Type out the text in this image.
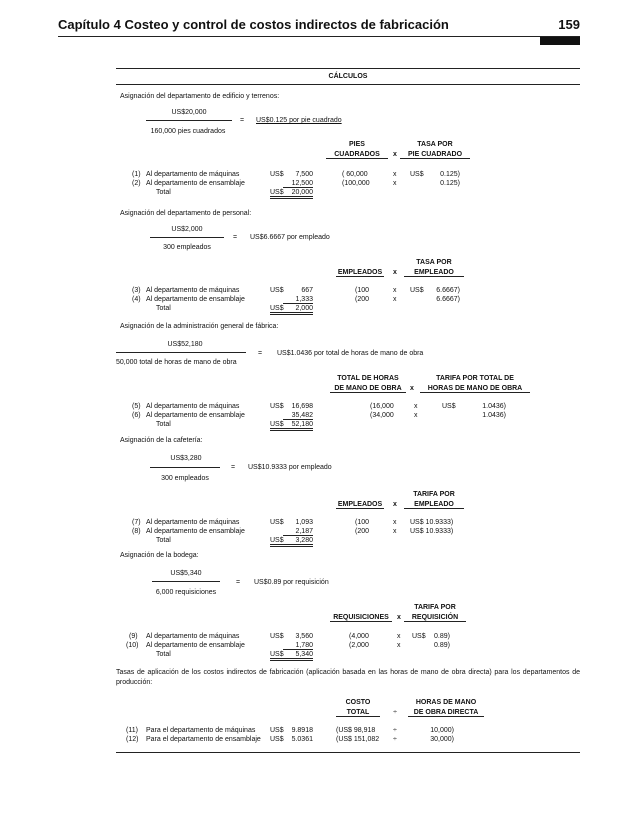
Capítulo 4 Costeo y control de costos indirectos de fabricación	159
CÁLCULOS
Asignación del departamento de edificio y terrenos:
US$20,000
160,000 pies cuadrados
= US$0.125 por pie cuadrado
PIES
CUADRADOS	x
TASA POR
PIE CUADRADO
(1) Al departamento de máquinas	US$	7,500	( 60,000	x US$	0.125)
(2) Al departamento de ensamblaje	12,500	(100,000	x	0.125)
Total	US$	20,000
Asignación del departamento de personal:
US$2,000
300 empleados
= US$6.6667 por empleado
TASA POR
EMPLEADOS	x	EMPLEADO
(3) Al departamento de máquinas	US$	667	(100	x US$	6.6667)
(4) Al departamento de ensamblaje	1,333	(200	x	6.6667)
Total	US$	2,000
Asignación de la administración general de fábrica:
US$52,180
50,000 total de horas de mano de obra
= US$1.0436 por total de horas de mano de obra
TOTAL DE HORAS
DE MANO DE OBRA	x
TARIFA POR TOTAL DE
HORAS DE MANO DE OBRA
(5) Al departamento de máquinas	US$	16,698	(16,000	x	US$	1.0436)
(6) Al departamento de ensamblaje	35,482	(34,000	x	1.0436)
Total	US$	52,180
Asignación de la cafetería:
US$3,280
300 empleados
= US$10.9333 por empleado
TARIFA POR
EMPLEADOS	x	EMPLEADO
(7) Al departamento de máquinas	US$	1,093	(100	x US$ 10.9333)
(8) Al departamento de ensamblaje	2,187	(200	x US$ 10.9333)
Total	US$	3,280
Asignación de la bodega:
US$5,340
6,000 requisiciones
= US$0.89 por requisición
TARIFA POR
REQUISICIONES	x	REQUISICIÓN
(9) Al departamento de máquinas	US$	3,560	(4,000	x US$	0.89)
(10) Al departamento de ensamblaje	1,780	(2,000	x	0.89)
Total	US$	5,340
Tasas de aplicación de los costos indirectos de fabricación (aplicación basada en las horas de mano de obra directa) para los departamentos de producción:
COSTO
TOTAL	÷
HORAS DE MANO
DE OBRA DIRECTA
(11) Para el departamento de máquinas US$	9.8918	(US$ 98,918	÷	10,000)
(12) Para el departamento de ensamblaje US$	5.0361	(US$ 151,082 ÷	30,000)
